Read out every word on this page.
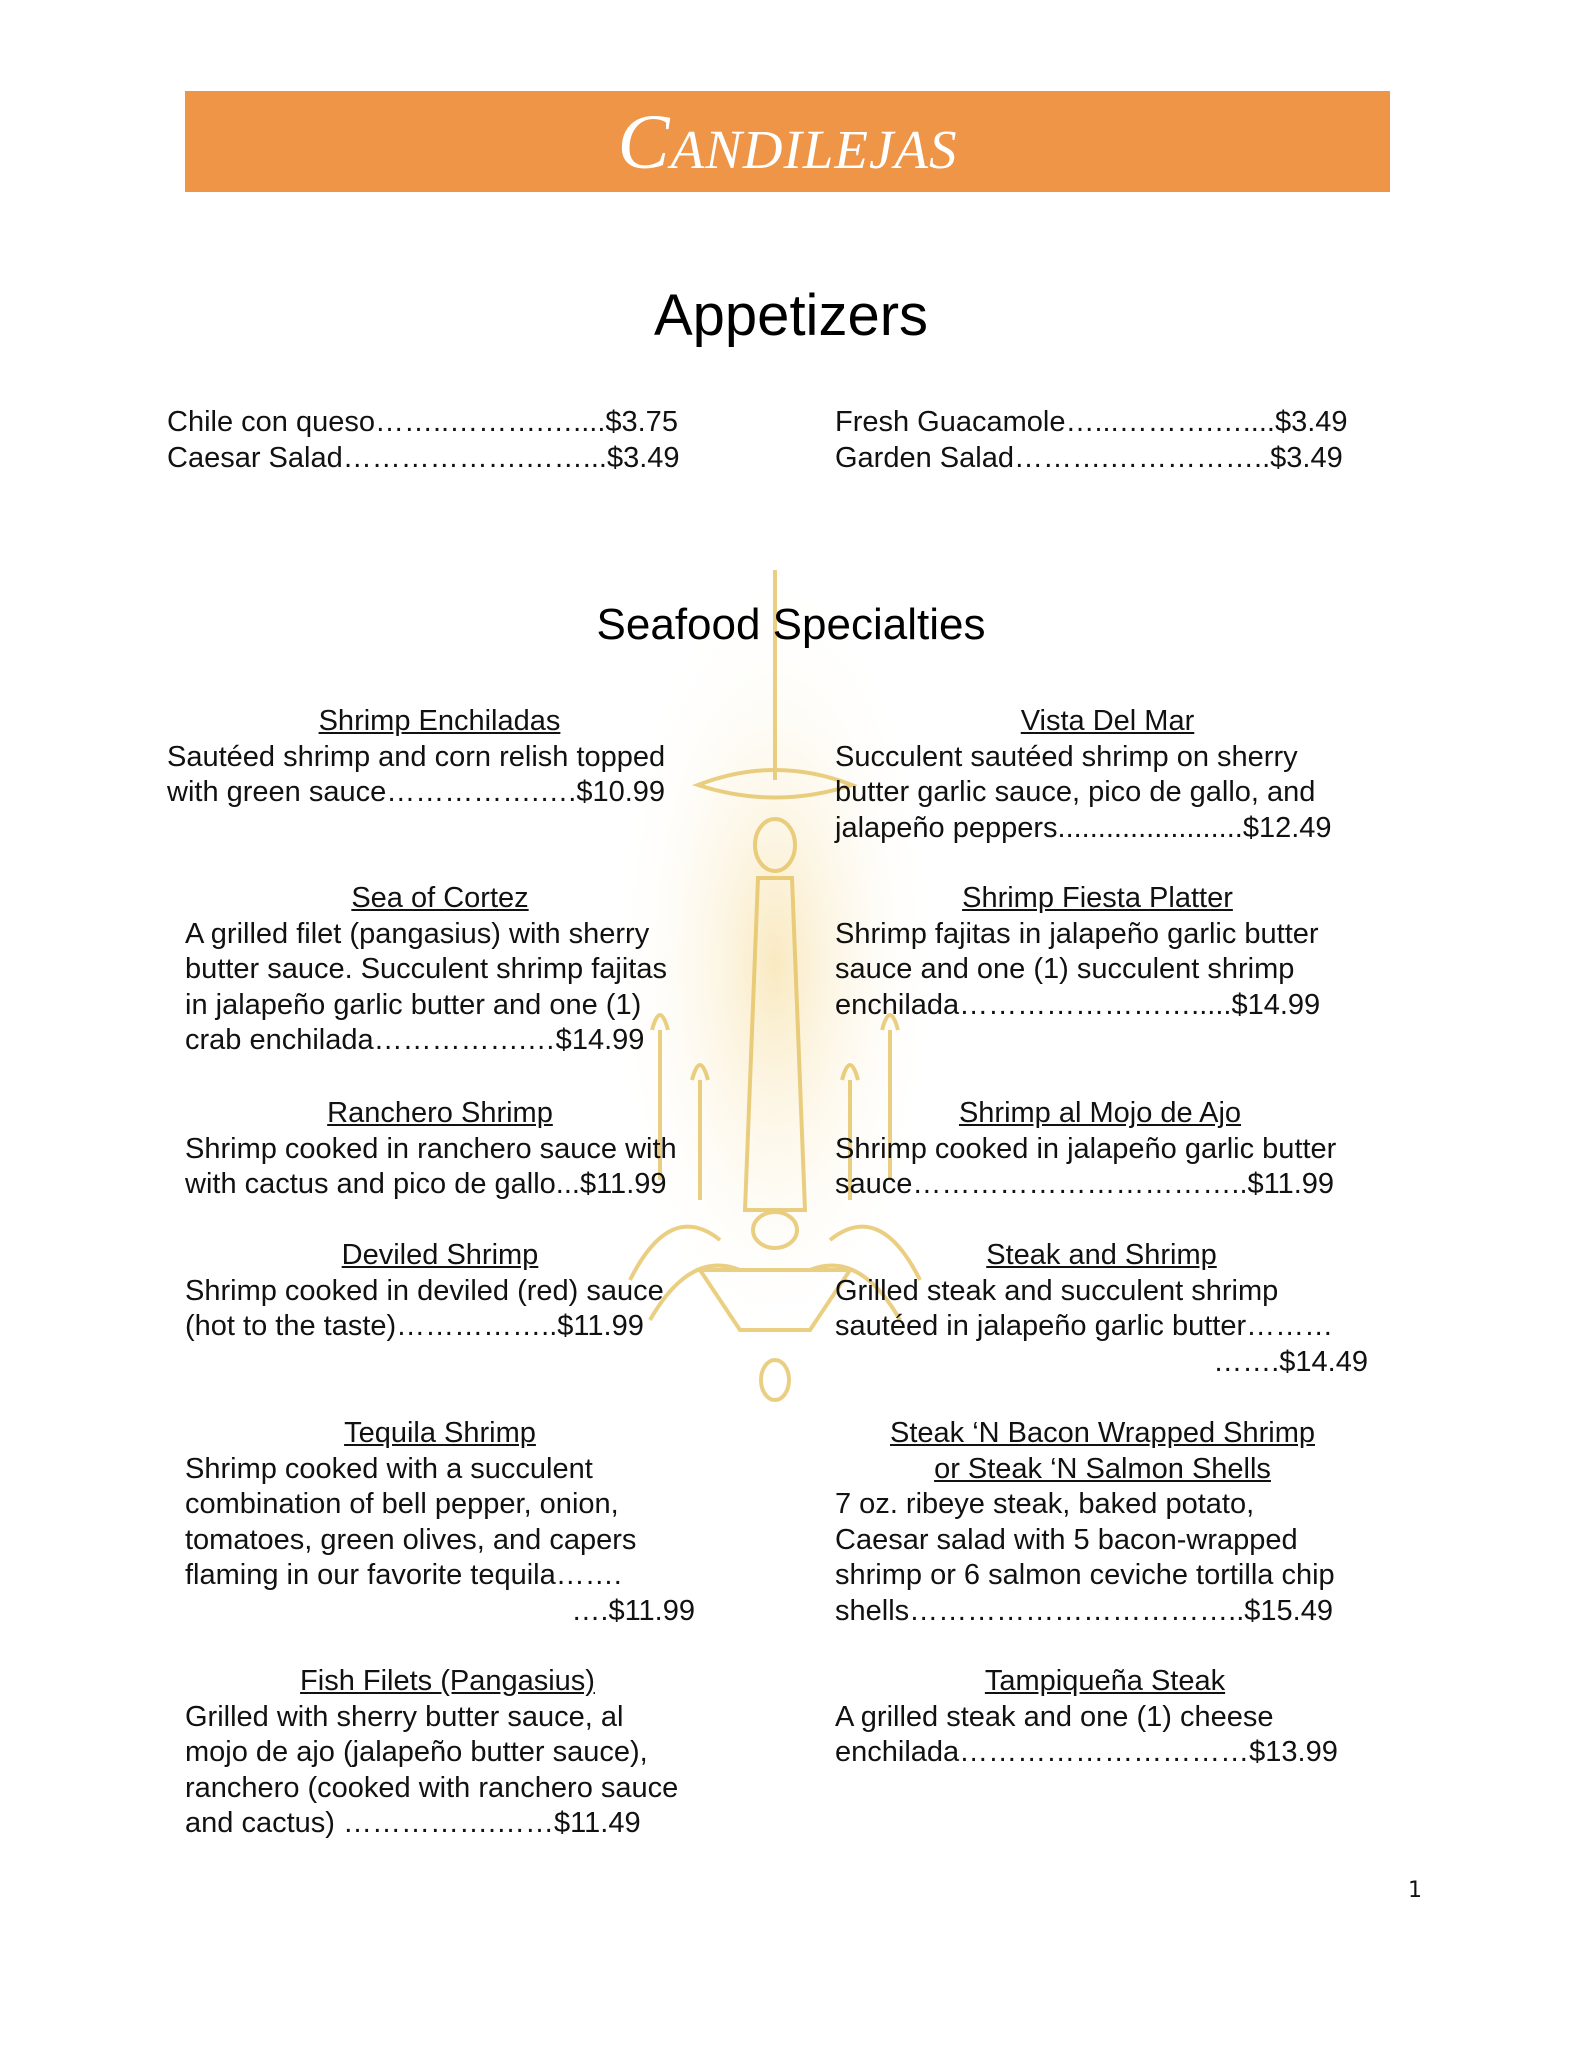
Candilejas
Appetizers
Chile con queso……..……….…....$3.75
Caesar Salad……………….……...$3.49
Fresh Guacamole…...……….…....$3.49
Garden Salad……….……………..$3.49
Seafood Specialties
Shrimp Enchiladas
Sautéed shrimp and corn relish topped
with green sauce…………….….$10.99
Vista Del Mar
Succulent sautéed shrimp on sherry
butter garlic sauce, pico de gallo, and
jalapeño peppers.......................$12.49
Sea of Cortez
A grilled filet (pangasius) with sherry
butter sauce. Succulent shrimp fajitas
in jalapeño garlic butter and one (1)
crab enchilada…………….…$14.99
Shrimp Fiesta Platter
Shrimp fajitas in jalapeño garlic butter
sauce and one (1) succulent shrimp
enchilada…………………….....$14.99
Ranchero Shrimp
Shrimp cooked in ranchero sauce with
with cactus and pico de gallo...$11.99
Shrimp al Mojo de Ajo
Shrimp cooked in jalapeño garlic butter
sauce……………………………..$11.99
Deviled Shrimp
Shrimp cooked in deviled (red) sauce
(hot to the taste)……………..$11.99
Steak and Shrimp
Grilled steak and succulent shrimp
sautéed in jalapeño garlic butter………
…….$14.49
Tequila Shrimp
Shrimp cooked with a succulent
combination of bell pepper, onion,
tomatoes, green olives, and capers
flaming in our favorite tequila…….
….$11.99
Steak ‘N Bacon Wrapped Shrimp
or Steak ‘N Salmon Shells
7 oz. ribeye steak, baked potato,
Caesar salad with 5 bacon-wrapped
shrimp or 6 salmon ceviche tortilla chip
shells……………………………..$15.49
Fish Filets (Pangasius)
Grilled with sherry butter sauce, al
mojo de ajo (jalapeño butter sauce),
ranchero (cooked with ranchero sauce
and cactus) …………….……$11.49
Tampiqueña Steak
A grilled steak and one (1) cheese
enchilada…………………………$13.99
1
